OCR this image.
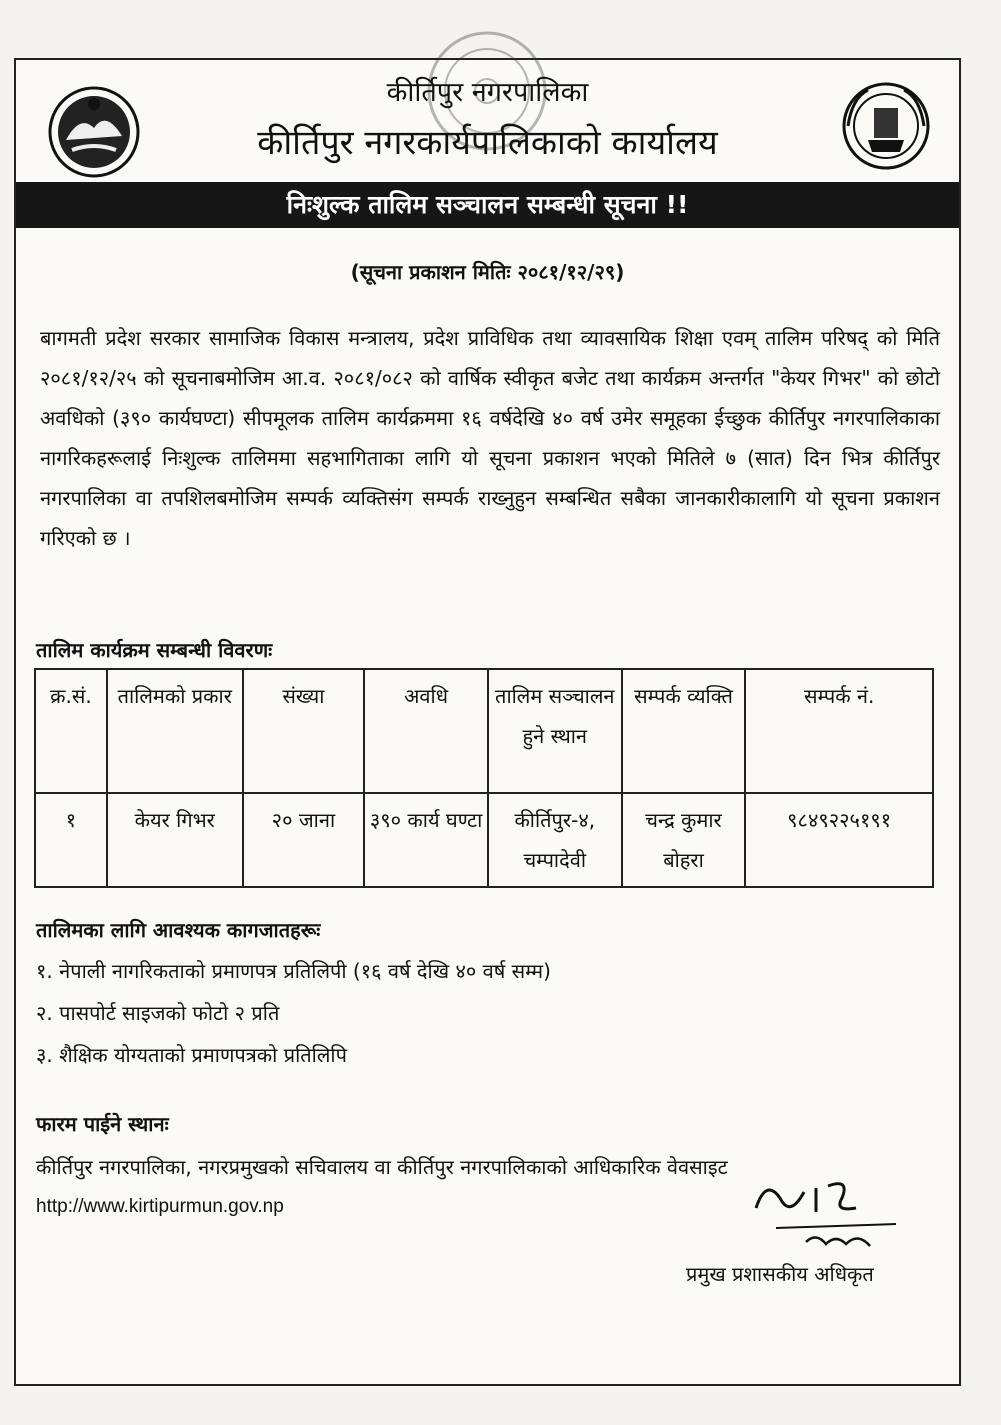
कीर्तिपुर नगरपालिका
कीर्तिपुर नगरकार्यपालिकाको कार्यालय
निःशुल्क तालिम सञ्चालन सम्बन्धी सूचना !!
(सूचना प्रकाशन मितिः २०८१/१२/२९)

बागमती प्रदेश सरकार सामाजिक विकास मन्त्रालय, प्रदेश प्राविधिक तथा व्यावसायिक शिक्षा एवम् तालिम परिषद् को मिति २०८१/१२/२५ को सूचनाबमोजिम आ.व. २०८१/०८२ को वार्षिक स्वीकृत बजेट तथा कार्यक्रम अन्तर्गत "केयर गिभर" को छोटो अवधिको (३९० कार्यघण्टा) सीपमूलक तालिम कार्यक्रममा १६ वर्षदेखि ४० वर्ष उमेर समूहका ईच्छुक कीर्तिपुर नगरपालिकाका नागरिकहरूलाई निःशुल्क तालिममा सहभागिताका लागि यो सूचना प्रकाशन भएको मितिले ७ (सात) दिन भित्र कीर्तिपुर नगरपालिका वा तपशिलबमोजिम सम्पर्क व्यक्तिसंग सम्पर्क राख्नुहुन सम्बन्धित सबैका जानकारीकालागि यो सूचना प्रकाशन गरिएको छ ।

तालिम कार्यक्रम सम्बन्धी विवरणः
क्र.सं.	तालिमको प्रकार	संख्या	अवधि	तालिम सञ्चालन हुने स्थान	सम्पर्क व्यक्ति	सम्पर्क नं.
१	केयर गिभर	२० जाना	३९० कार्य घण्टा	कीर्तिपुर-४, चम्पादेवी	चन्द्र कुमार बोहरा	९८४९२२५१९१
तालिमका लागि आवश्यक कागजातहरूः
१. नेपाली नागरिकताको प्रमाणपत्र प्रतिलिपी (१६ वर्ष देखि ४० वर्ष सम्म)
२. पासपोर्ट साइजको फोटो २ प्रति
३. शैक्षिक योग्यताको प्रमाणपत्रको प्रतिलिपि
फारम पाईने स्थानः
कीर्तिपुर नगरपालिका, नगरप्रमुखको सचिवालय वा कीर्तिपुर नगरपालिकाको आधिकारिक वेवसाइट
http://www.kirtipurmun.gov.np
प्रमुख प्रशासकीय अधिकृत
